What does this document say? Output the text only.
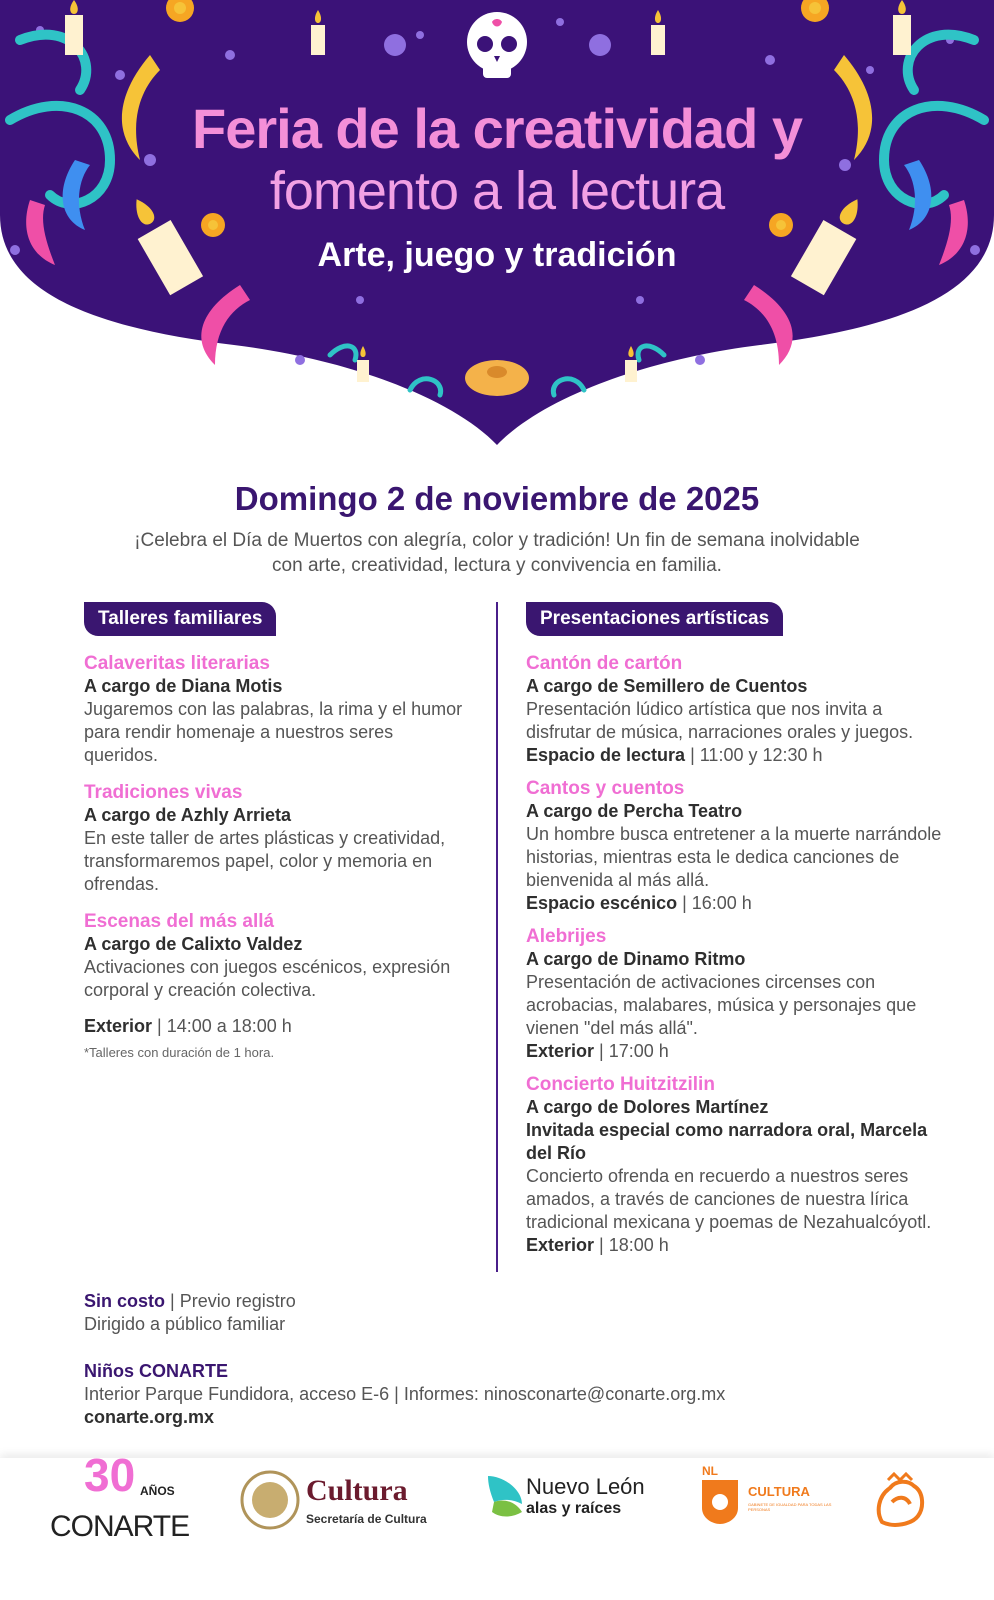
Feria de la creatividad y
fomento a la lectura
Arte, juego y tradición
Domingo 2 de noviembre de 2025

¡Celebra el Día de Muertos con alegría, color y tradición! Un fin de semana inolvidable con arte, creatividad, lectura y convivencia en familia.

Talleres familiares
Calaveritas literarias
A cargo de Diana Motis
Jugaremos con las palabras, la rima y el humor para rendir homenaje a nuestros seres queridos.
Tradiciones vivas
A cargo de Azhly Arrieta
En este taller de artes plásticas y creatividad, transformaremos papel, color y memoria en ofrendas.
Escenas del más allá
A cargo de Calixto Valdez
Activaciones con juegos escénicos, expresión corporal y creación colectiva.
Exterior | 14:00 a 18:00 h
*Talleres con duración de 1 hora.
Presentaciones artísticas
Cantón de cartón
A cargo de Semillero de Cuentos
Presentación lúdico artística que nos invita a disfrutar de música, narraciones orales y juegos.
Espacio de lectura | 11:00 y 12:30 h
Cantos y cuentos
A cargo de Percha Teatro
Un hombre busca entretener a la muerte narrándole historias, mientras esta le dedica canciones de bienvenida al más allá.
Espacio escénico | 16:00 h
Alebrijes
A cargo de Dinamo Ritmo
Presentación de activaciones circenses con acrobacias, malabares, música y personajes que vienen "del más allá".
Exterior | 17:00 h
Concierto Huitzitzilin
A cargo de Dolores Martínez
Invitada especial como narradora oral, Marcela del Río
Concierto ofrenda en recuerdo a nuestros seres amados, a través de canciones de nuestra lírica tradicional mexicana y poemas de Nezahualcóyotl.
Exterior | 18:00 h
Sin costo | Previo registro
Dirigido a público familiar
Niños CONARTE
Interior Parque Fundidora, acceso E-6 | Informes: ninosconarte@conarte.org.mx
conarte.org.mx
30 AÑOS
CONARTE
Cultura
Secretaría de Cultura
Nuevo León
alas y raíces
NL
CULTURA
GABINETE DE IGUALDAD PARA TODAS LAS PERSONAS
